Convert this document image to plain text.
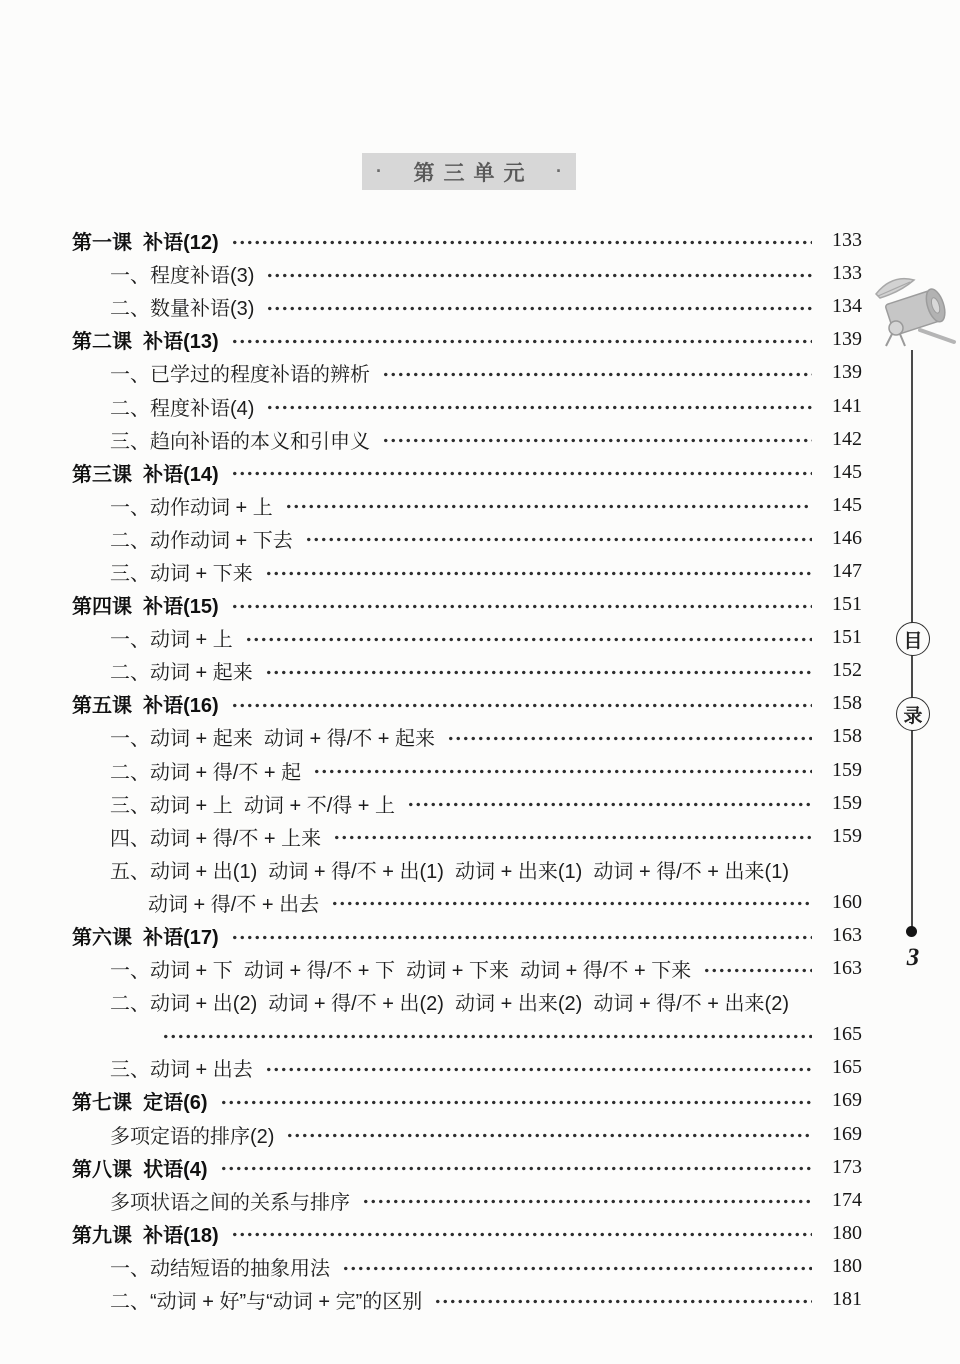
·	第三单元 ·
第一课  补语(12)	133
一、程度补语(3)	133
二、数量补语(3)	134
第二课  补语(13)	139
一、已学过的程度补语的辨析	139
二、程度补语(4)	141
三、趋向补语的本义和引申义	142
第三课  补语(14)	145
一、动作动词 + 上	145
二、动作动词 + 下去	146
三、动词 + 下来	147
第四课  补语(15)	151
一、动词 + 上	151
二、动词 + 起来	152
第五课  补语(16)	158
一、动词 + 起来  动词 + 得/不 + 起来	158
二、动词 + 得/不 + 起	159
三、动词 + 上  动词 + 不/得 + 上	159
四、动词 + 得/不 + 上来	159
五、动词 + 出(1)  动词 + 得/不 + 出(1)  动词 + 出来(1)  动词 + 得/不 + 出来(1)
动词 + 得/不 + 出去	160
第六课  补语(17)	163
一、动词 + 下  动词 + 得/不 + 下  动词 + 下来  动词 + 得/不 + 下来	163
二、动词 + 出(2)  动词 + 得/不 + 出(2)  动词 + 出来(2)  动词 + 得/不 + 出来(2)
165
三、动词 + 出去	165
第七课  定语(6)	169
多项定语的排序(2)	169
第八课  状语(4)	173
多项状语之间的关系与排序	174
第九课  补语(18)	180
一、动结短语的抽象用法	180
二、“动词 + 好”与“动词 + 完”的区别	181
目
录
3
